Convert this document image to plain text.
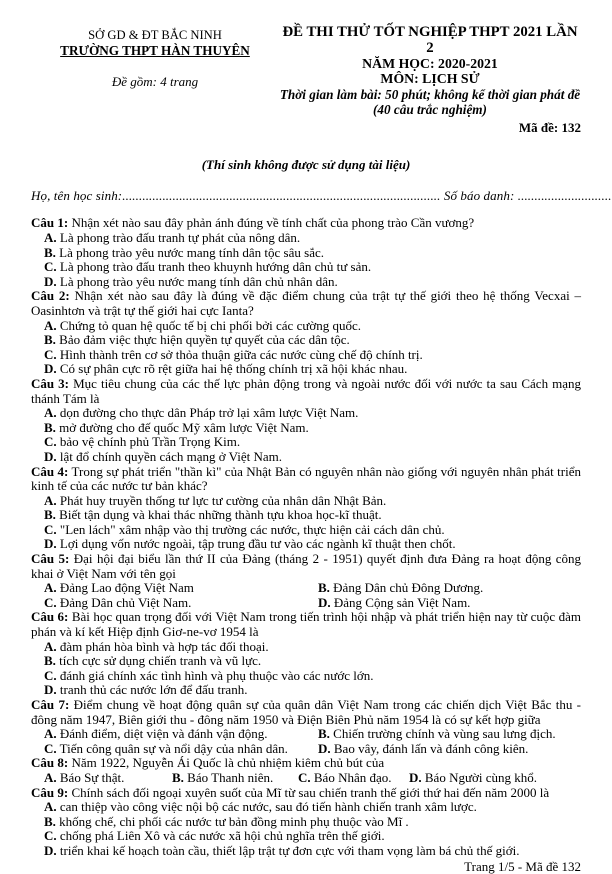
SỞ GD & ĐT BẮC NINH
TRƯỜNG THPT HÀN THUYÊN
Đề gồm: 4 trang
ĐỀ THI THỬ TỐT NGHIỆP THPT 2021 LẦN 2
NĂM HỌC: 2020-2021
MÔN: LỊCH SỬ
Thời gian làm bài: 50 phút; không kể thời gian phát đề
(40 câu trắc nghiệm)
Mã đề: 132
(Thí sinh không được sử dụng tài liệu)
Họ, tên học sinh:............................................................................................... Số báo danh: ............................

Câu 1: Nhận xét nào sau đây phản ánh đúng về tính chất của phong trào Cần vương?

A. Là phong trào đấu tranh tự phát của nông dân.
B. Là phong trào yêu nước mang tính dân tộc sâu sắc.
C. Là phong trào đấu tranh theo khuynh hướng dân chủ tư sản.
D. Là phong trào yêu nước mang tính dân chủ nhân dân.

Câu 2: Nhận xét nào sau đây là đúng về đặc điểm chung của trật tự thế giới theo hệ thống Vecxai – Oasinhtơn và trật tự thế giới hai cực Ianta?

A. Chứng tỏ quan hệ quốc tế bị chi phối bởi các cường quốc.
B. Bảo đảm việc thực hiện quyền tự quyết của các dân tộc.
C. Hình thành trên cơ sở thỏa thuận giữa các nước cùng chế độ chính trị.
D. Có sự phân cực rõ rệt giữa hai hệ thống chính trị xã hội khác nhau.

Câu 3: Mục tiêu chung của các thế lực phản động trong và ngoài nước đối với nước ta sau Cách mạng thánh Tám là

A. dọn đường cho thực dân Pháp trở lại xâm lược Việt Nam.
B. mở đường cho đế quốc Mỹ xâm lược Việt Nam.
C. bảo vệ chính phủ Trần Trọng Kim.
D. lật đổ chính quyền cách mạng ở Việt Nam.

Câu 4: Trong sự phát triển "thần kì" của Nhật Bản có nguyên nhân nào giống với nguyên nhân phát triển kinh tế của các nước tư bản khác?

A. Phát huy truyền thống tư lực tư cường của nhân dân Nhật Bản.
B. Biết tận dụng và khai thác những thành tựu khoa học-kĩ thuật.
C. "Len lách" xâm nhập vào thị trường các nước, thực hiện cải cách dân chủ.
D. Lợi dụng vốn nước ngoài, tập trung đầu tư vào các ngành kĩ thuật then chốt.

Câu 5: Đại hội đại biểu lần thứ II của Đảng (tháng 2 - 1951) quyết định đưa Đảng ra hoạt động công khai ở Việt Nam với tên gọi

A. Đảng Lao động Việt Nam	B. Đảng Dân chủ Đông Dương.
C. Đảng Dân chủ Việt Nam.	D. Đảng Cộng sản Việt Nam.

Câu 6: Bài học quan trọng đối với Việt Nam trong tiến trình hội nhập và phát triển hiện nay từ cuộc đàm phán và kí kết Hiệp định Giơ-ne-vơ 1954 là

A. đàm phán hòa bình và hợp tác đối thoại.
B. tích cực sử dụng chiến tranh và vũ lực.
C. đánh giá chính xác tình hình và phụ thuộc vào các nước lớn.
D. tranh thủ các nước lớn để đấu tranh.

Câu 7: Điểm chung về hoạt động quân sự của quân dân Việt Nam trong các chiến dịch Việt Bắc thu - đông năm 1947, Biên giới thu - đông năm 1950 và Điện Biên Phủ năm 1954 là có sự kết hợp giữa

A. Đánh điểm, diệt viện và đánh vận động.	B. Chiến trường chính và vùng sau lưng địch.
C. Tiến công quân sự và nổi dậy của nhân dân.	D. Bao vây, đánh lấn và đánh công kiên.

Câu 8: Năm 1922, Nguyễn Ái Quốc là chủ nhiệm kiêm chủ bút của

A. Báo Sự thật.	B. Báo Thanh niên.	C. Báo Nhân đạo.	D. Báo Người cùng khổ.

Câu 9: Chính sách đối ngoại xuyên suốt của Mĩ từ sau chiến tranh thế giới thứ hai đến năm 2000 là

A. can thiệp vào công việc nội bộ các nước, sau đó tiến hành chiến tranh xâm lược.
B. khống chế, chi phối các nước tư bản đồng minh phụ thuộc vào Mĩ .
C. chống phá Liên Xô và các nước xã hội chủ nghĩa trên thế giới.
D. triển khai kế hoạch toàn cầu, thiết lập trật tự đơn cực với tham vọng làm bá chủ thế giới.
Trang 1/5 - Mã đề 132
